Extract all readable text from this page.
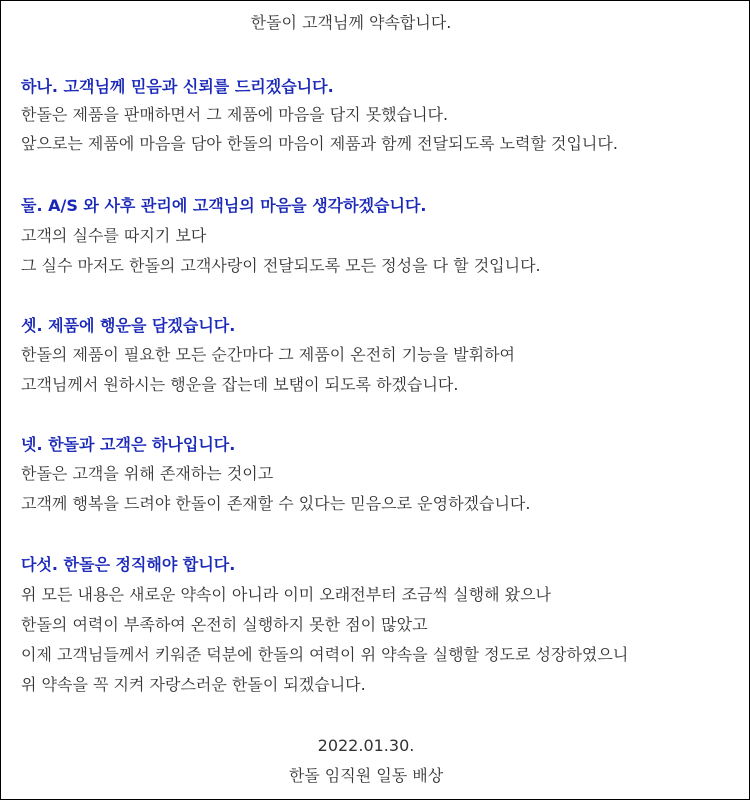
한돌이 고객님께 약속합니다.
하나. 고객님께 믿음과 신뢰를 드리겠습니다.
한돌은 제품을 판매하면서 그 제품에 마음을 담지 못했습니다.
앞으로는 제품에 마음을 담아 한돌의 마음이 제품과 함께 전달되도록 노력할 것입니다.
둘. A/S 와 사후 관리에 고객님의 마음을 생각하겠습니다.
고객의 실수를 따지기 보다
그 실수 마저도 한돌의 고객사랑이 전달되도록 모든 정성을 다 할 것입니다.
셋. 제품에 행운을 담겠습니다.
한돌의 제품이 필요한 모든 순간마다 그 제품이 온전히 기능을 발휘하여
고객님께서 원하시는 행운을 잡는데 보탬이 되도록 하겠습니다.
넷. 한돌과 고객은 하나입니다.
한돌은 고객을 위해 존재하는 것이고
고객께 행복을 드려야 한돌이 존재할 수 있다는 믿음으로 운영하겠습니다.
다섯. 한돌은 정직해야 합니다.
위 모든 내용은 새로운 약속이 아니라 이미 오래전부터 조금씩 실행해 왔으나
한돌의 여력이 부족하여 온전히 실행하지 못한 점이 많았고
이제 고객님들께서 키워준 덕분에 한돌의 여력이 위 약속을 실행할 정도로 성장하였으니
위 약속을 꼭 지켜 자랑스러운 한돌이 되겠습니다.
2022.01.30.
한돌 임직원 일동 배상
